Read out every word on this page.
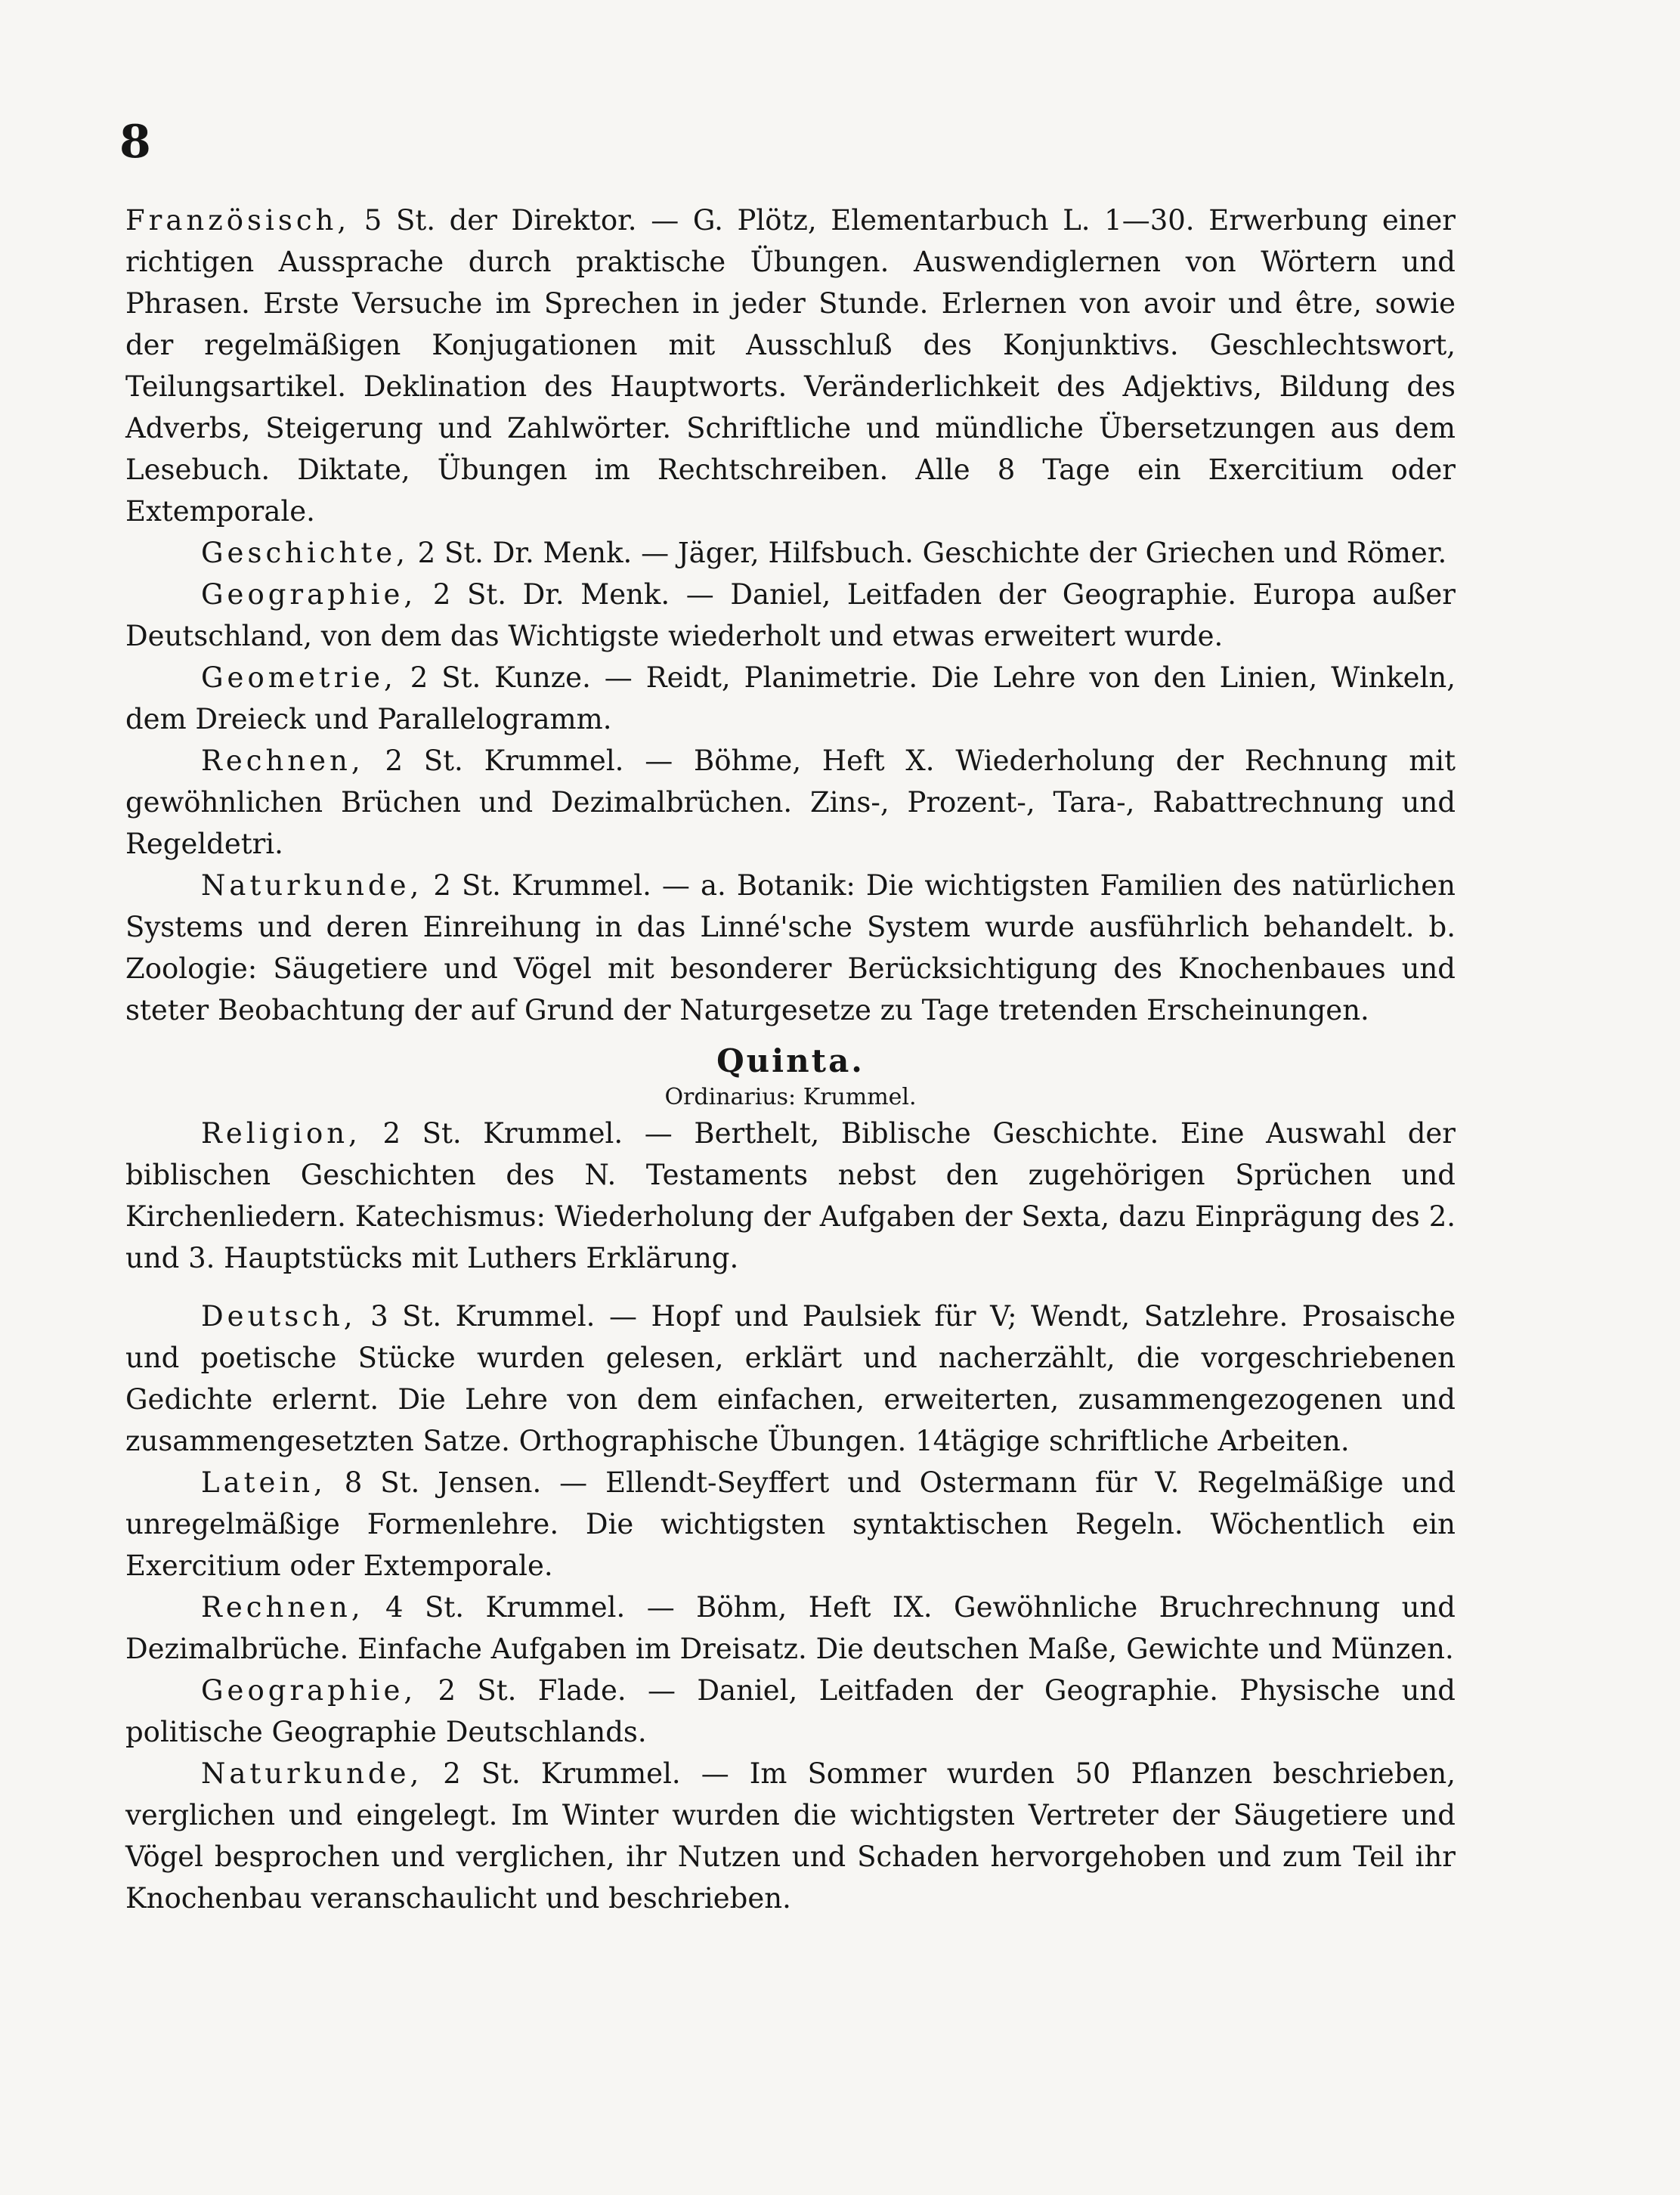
8

Französisch, 5 St. der Direktor. — G. Plötz, Elementarbuch L. 1—30. Erwerbung einer richtigen Aussprache durch praktische Übungen. Auswendiglernen von Wörtern und Phrasen. Erste Versuche im Sprechen in jeder Stunde. Erlernen von avoir und être, sowie der regelmäßigen Konjugationen mit Ausschluß des Konjunktivs. Geschlechtswort, Teilungsartikel. Deklination des Hauptworts. Veränderlichkeit des Adjektivs, Bildung des Adverbs, Steigerung und Zahlwörter. Schriftliche und mündliche Übersetzungen aus dem Lesebuch. Diktate, Übungen im Rechtschreiben. Alle 8 Tage ein Exercitium oder Extemporale.

Geschichte, 2 St. Dr. Menk. — Jäger, Hilfsbuch. Geschichte der Griechen und Römer.

Geographie, 2 St. Dr. Menk. — Daniel, Leitfaden der Geographie. Europa außer Deutschland, von dem das Wichtigste wiederholt und etwas erweitert wurde.

Geometrie, 2 St. Kunze. — Reidt, Planimetrie. Die Lehre von den Linien, Winkeln, dem Dreieck und Parallelogramm.

Rechnen, 2 St. Krummel. — Böhme, Heft X. Wiederholung der Rechnung mit gewöhnlichen Brüchen und Dezimalbrüchen. Zins-, Prozent-, Tara-, Rabattrechnung und Regeldetri.

Naturkunde, 2 St. Krummel. — a. Botanik: Die wichtigsten Familien des natürlichen Systems und deren Einreihung in das Linné'sche System wurde ausführlich behandelt. b. Zoologie: Säugetiere und Vögel mit besonderer Berücksichtigung des Knochenbaues und steter Beobachtung der auf Grund der Naturgesetze zu Tage tretenden Erscheinungen.

Quinta.

Ordinarius: Krummel.

Religion, 2 St. Krummel. — Berthelt, Biblische Geschichte. Eine Auswahl der biblischen Geschichten des N. Testaments nebst den zugehörigen Sprüchen und Kirchenliedern. Katechismus: Wiederholung der Aufgaben der Sexta, dazu Einprägung des 2. und 3. Hauptstücks mit Luthers Erklärung.

Deutsch, 3 St. Krummel. — Hopf und Paulsiek für V; Wendt, Satzlehre. Prosaische und poetische Stücke wurden gelesen, erklärt und nacherzählt, die vorgeschriebenen Gedichte erlernt. Die Lehre von dem einfachen, erweiterten, zusammengezogenen und zusammengesetzten Satze. Orthographische Übungen. 14tägige schriftliche Arbeiten.

Latein, 8 St. Jensen. — Ellendt-Seyffert und Ostermann für V. Regelmäßige und unregelmäßige Formenlehre. Die wichtigsten syntaktischen Regeln. Wöchentlich ein Exercitium oder Extemporale.

Rechnen, 4 St. Krummel. — Böhm, Heft IX. Gewöhnliche Bruchrechnung und Dezimalbrüche. Einfache Aufgaben im Dreisatz. Die deutschen Maße, Gewichte und Münzen.

Geographie, 2 St. Flade. — Daniel, Leitfaden der Geographie. Physische und politische Geographie Deutschlands.

Naturkunde, 2 St. Krummel. — Im Sommer wurden 50 Pflanzen beschrieben, verglichen und eingelegt. Im Winter wurden die wichtigsten Vertreter der Säugetiere und Vögel besprochen und verglichen, ihr Nutzen und Schaden hervorgehoben und zum Teil ihr Knochenbau veranschaulicht und beschrieben.
